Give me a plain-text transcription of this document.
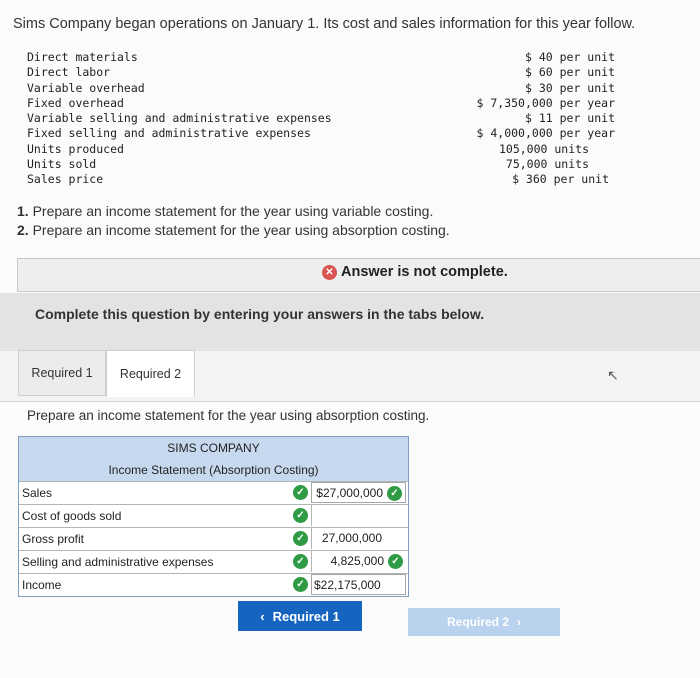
Sims Company began operations on January 1. Its cost and sales information for this year follow.
Direct materials	$ 40 per unit
Direct labor	$ 60 per unit
Variable overhead	$ 30 per unit
Fixed overhead	$ 7,350,000 per year
Variable selling and administrative expenses	$ 11 per unit
Fixed selling and administrative expenses	$ 4,000,000 per year
Units produced	105,000 units
Units sold	75,000 units
Sales price	$ 360 per unit
1. Prepare an income statement for the year using variable costing.
2. Prepare an income statement for the year using absorption costing.
✕ Answer is not complete.
Complete this question by entering your answers in the tabs below.
Required 1	Required 2	↖
Prepare an income statement for the year using absorption costing.
SIMS COMPANY
Income Statement (Absorption Costing)
Sales	✓ $27,000,000 ✓
Cost of goods sold	✓
Gross profit	✓	27,000,000
Selling and administrative expenses	✓	4,825,000 ✓
Income	✓ $22,175,000
‹ Required 1	Required 2 ›
